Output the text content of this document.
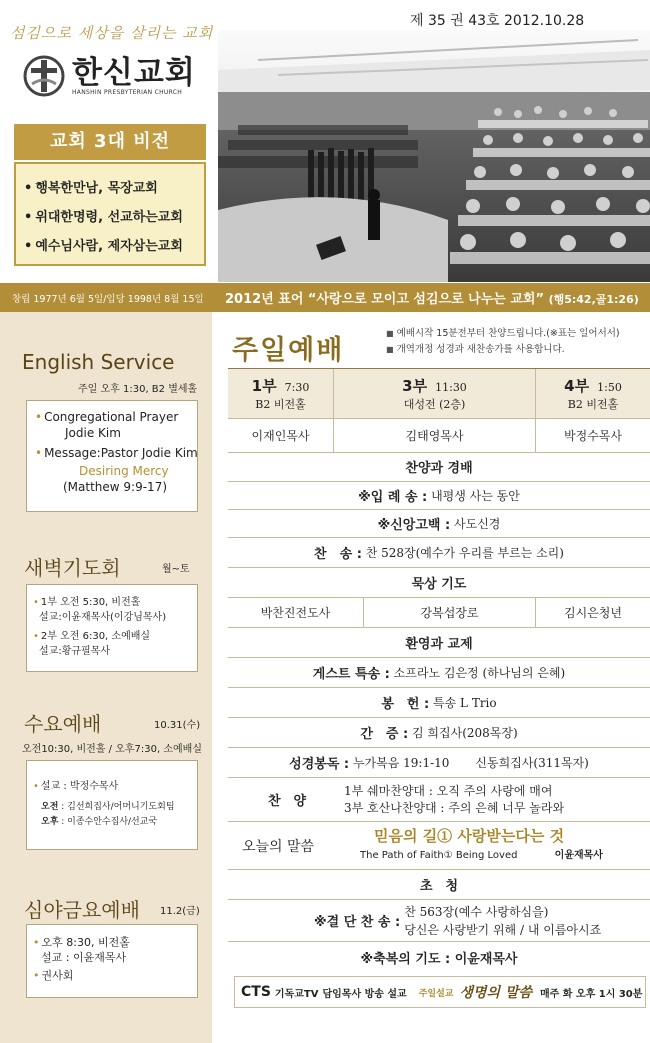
섬김으로 세상을 살리는 교회
한신교회
HANSHIN PRESBYTERIAN CHURCH
교회 3대 비전
• 행복한만남, 목장교회
• 위대한명령, 선교하는교회
• 예수님사람, 제자삼는교회
제 35 권 43호 2012.10.28
창립 1977년 6월 5일/입당 1998년 8월 15일 2012년 표어 “사랑으로 모이고 섬김으로 나누는 교회” (행5:42,골1:26)
English Service
주일 오후 1:30, B2 별세홀
• Congregational Prayer
Jodie Kim
• Message:Pastor Jodie Kim
Desiring Mercy
(Matthew 9:9-17)
새벽기도회	월~토
• 1부 오전 5:30, 비전홀
설교:이윤재목사(이강님목사)
• 2부 오전 6:30, 소예배실
설교:황규필목사
수요예배	10.31(수)
오전10:30, 비전홀 / 오후7:30, 소예배실
• 설교 : 박정수목사
오전 : 김선희집사/어머니기도회팀
오후 : 이종수안수집사/선교국
심야금요예배 11.2(금)
• 오후 8:30, 비전홀
설교 : 이윤재목사
• 권사회
주일예배
■ 예배시작 15분전부터 찬양드립니다.(※표는 일어서서)
■ 개역개정 성경과 새찬송가를 사용합니다.
1부 7:30
B2 비전홀
3부 11:30
대성전 (2층)
4부 1:50
B2 비전홀
이재인목사	김태영목사	박정수목사
찬양과 경배
※입 례 송 :
내평생 사는 동안
※신앙고백 :
사도신경
찬　송 :
찬 528장(예수가 우리를 부르는 소리)
묵상 기도
박찬진전도사	강복섭장로	김시은청년
환영과 교제
게스트 특송 :
소프라노 김은정 (하나님의 은혜)
봉　헌 :
특송 L Trio
간　증 :
김 희집사(208목장)
성경봉독 :
누가복음 19:1-10 신동희집사(311목자)
찬　양
1부 쉐마찬양대 : 오직 주의 사랑에 매여
3부 호산나찬양대 : 주의 은혜 너무 놀라와
오늘의 말씀
믿음의 길① 사랑받는다는 것
The Path of Faith① Being Loved	이윤재목사
초　청
※결 단 찬 송 :
찬 563장(예수 사랑하심을)
당신은 사랑받기 위해 / 내 이름아시죠
※축복의 기도 : 이윤재목사
CTS 기독교TV 담임목사 방송 설교 주일설교 생명의 말씀 매주 화 오후 1시 30분
